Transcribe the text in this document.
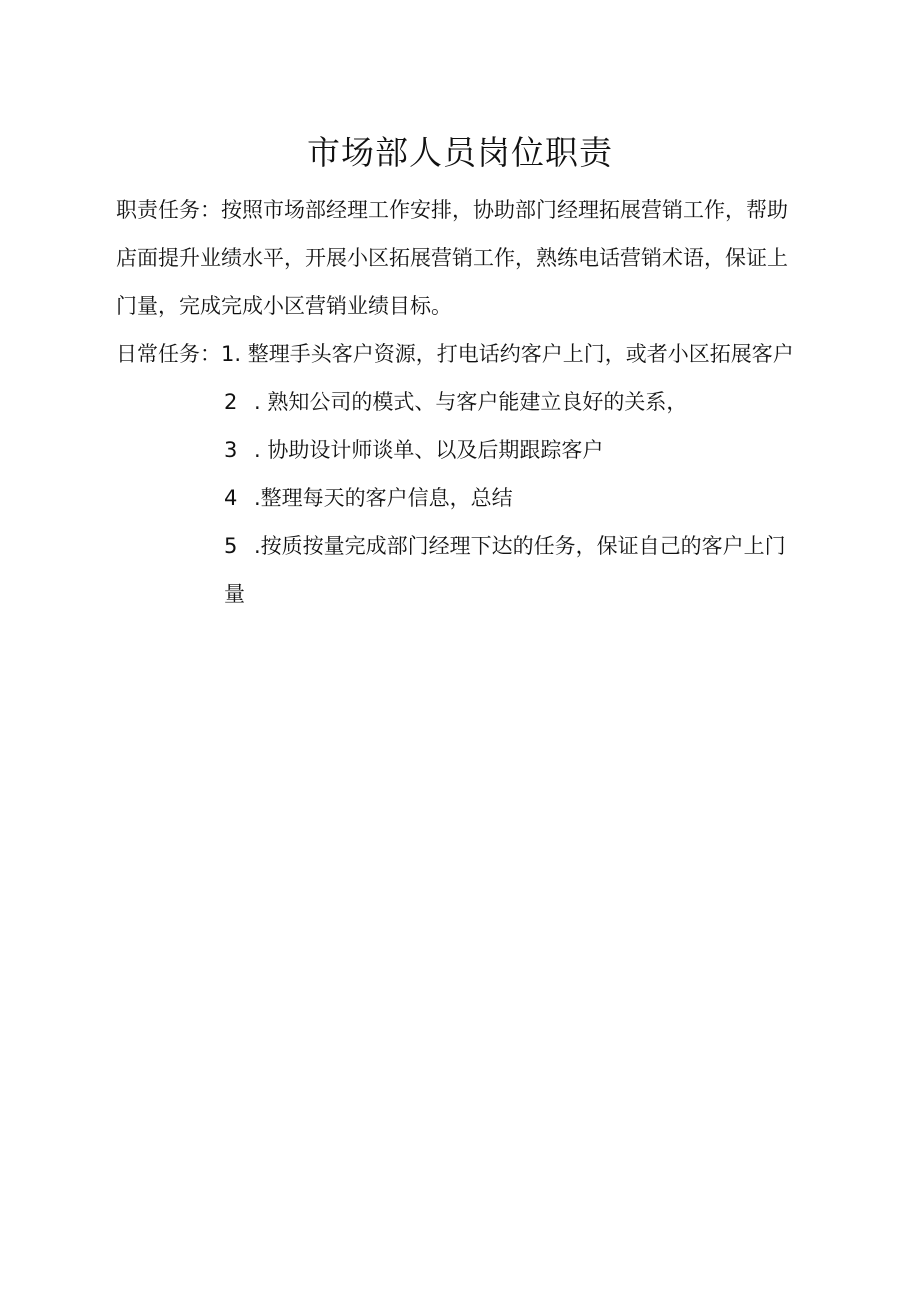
市场部人员岗位职责
职责任务：按照市场部经理工作安排，协助部门经理拓展营销工作，帮助
店面提升业绩水平，开展小区拓展营销工作，熟练电话营销术语，保证上
门量，完成完成小区营销业绩目标。
日常任务：1. 整理手头客户资源，打电话约客户上门，或者小区拓展客户
2 . 熟知公司的模式、与客户能建立良好的关系，
3 . 协助设计师谈单、以及后期跟踪客户
4 .整理每天的客户信息，总结
5 .按质按量完成部门经理下达的任务，保证自己的客户上门
量
